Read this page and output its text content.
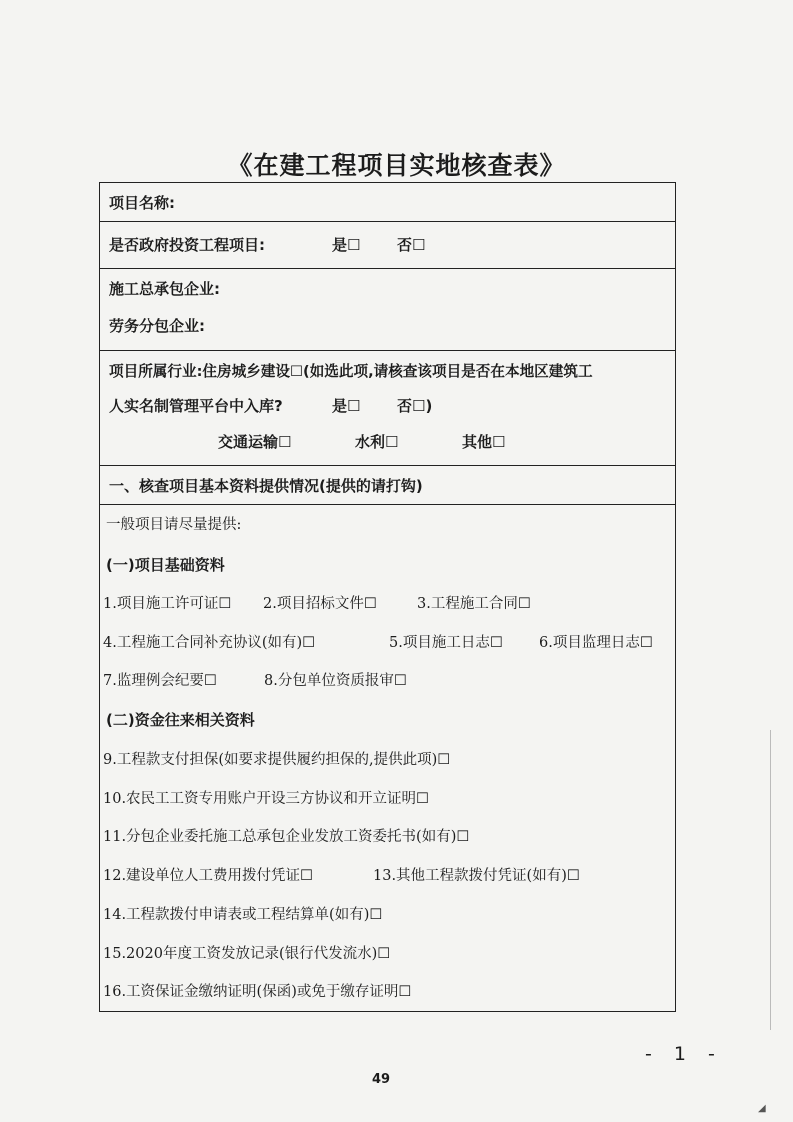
《在建工程项目实地核查表》
项目名称:
是否政府投资工程项目:	是☐ 否☐
施工总承包企业:
劳务分包企业:
项目所属行业:住房城乡建设☐(如选此项,请核查该项目是否在本地区建筑工
人实名制管理平台中入库?	是☐ 否☐)
交通运输☐	水利☐	其他☐
一、核查项目基本资料提供情况(提供的请打钩)
一般项目请尽量提供:
(一)项目基础资料
1.项目施工许可证☐ 2.项目招标文件☐	3.工程施工合同☐
4.工程施工合同补充协议(如有)☐	5.项目施工日志☐ 6.项目监理日志☐
7.监理例会纪要☐	8.分包单位资质报审☐
(二)资金往来相关资料
9.工程款支付担保(如要求提供履约担保的,提供此项)☐
10.农民工工资专用账户开设三方协议和开立证明☐
11.分包企业委托施工总承包企业发放工资委托书(如有)☐
12.建设单位人工费用拨付凭证☐	13.其他工程款拨付凭证(如有)☐
14.工程款拨付申请表或工程结算单(如有)☐
15.2020年度工资发放记录(银行代发流水)☐
16.工资保证金缴纳证明(保函)或免于缴存证明☐
- 1 -
49
◢
